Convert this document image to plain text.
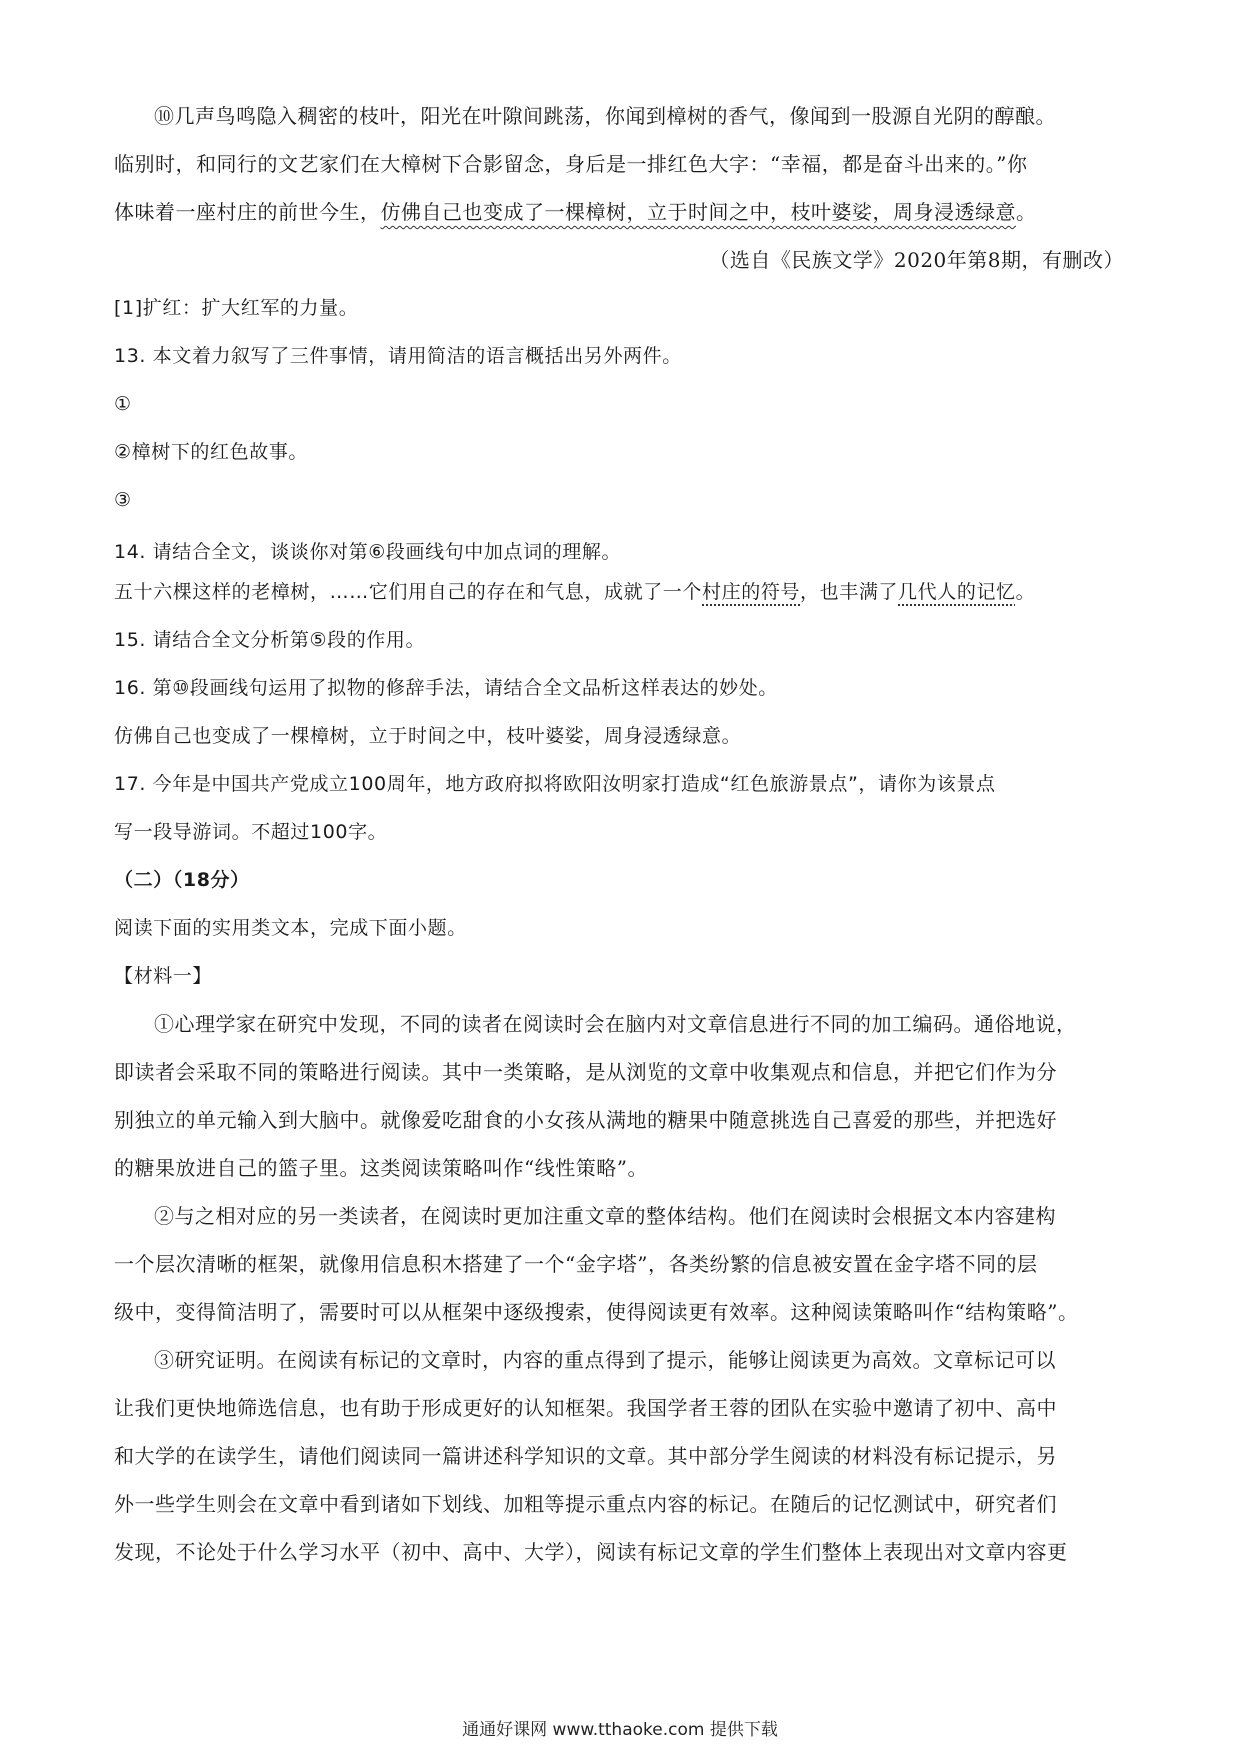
⑩几声鸟鸣隐入稠密的枝叶，阳光在叶隙间跳荡，你闻到樟树的香气，像闻到一股源自光阴的醇酿。
临别时，和同行的文艺家们在大樟树下合影留念，身后是一排红色大字：“幸福，都是奋斗出来的。”你
体味着一座村庄的前世今生，仿佛自己也变成了一棵樟树，立于时间之中，枝叶婆娑，周身浸透绿意。
（选自《民族文学》2020年第8期，有删改）
[1]扩红：扩大红军的力量。
13. 本文着力叙写了三件事情，请用简洁的语言概括出另外两件。
①
②樟树下的红色故事。
③
14. 请结合全文，谈谈你对第⑥段画线句中加点词的理解。
五十六棵这样的老樟树，……它们用自己的存在和气息，成就了一个村庄的符号，也丰满了几代人的记忆。
15. 请结合全文分析第⑤段的作用。
16. 第⑩段画线句运用了拟物的修辞手法，请结合全文品析这样表达的妙处。
仿佛自己也变成了一棵樟树，立于时间之中，枝叶婆娑，周身浸透绿意。
17. 今年是中国共产党成立100周年，地方政府拟将欧阳汝明家打造成“红色旅游景点”，请你为该景点
写一段导游词。不超过100字。
（二）（18分）
阅读下面的实用类文本，完成下面小题。
【材料一】
①心理学家在研究中发现，不同的读者在阅读时会在脑内对文章信息进行不同的加工编码。通俗地说，
即读者会采取不同的策略进行阅读。其中一类策略，是从浏览的文章中收集观点和信息，并把它们作为分
别独立的单元输入到大脑中。就像爱吃甜食的小女孩从满地的糖果中随意挑选自己喜爱的那些，并把选好
的糖果放进自己的篮子里。这类阅读策略叫作“线性策略”。
②与之相对应的另一类读者，在阅读时更加注重文章的整体结构。他们在阅读时会根据文本内容建构
一个层次清晰的框架，就像用信息积木搭建了一个“金字塔”，各类纷繁的信息被安置在金字塔不同的层
级中，变得简洁明了，需要时可以从框架中逐级搜索，使得阅读更有效率。这种阅读策略叫作“结构策略”。
③研究证明。在阅读有标记的文章时，内容的重点得到了提示，能够让阅读更为高效。文章标记可以
让我们更快地筛选信息，也有助于形成更好的认知框架。我国学者王蓉的团队在实验中邀请了初中、高中
和大学的在读学生，请他们阅读同一篇讲述科学知识的文章。其中部分学生阅读的材料没有标记提示，另
外一些学生则会在文章中看到诸如下划线、加粗等提示重点内容的标记。在随后的记忆测试中，研究者们
发现，不论处于什么学习水平（初中、高中、大学），阅读有标记文章的学生们整体上表现出对文章内容更
通通好课网 www.tthaoke.com 提供下载
